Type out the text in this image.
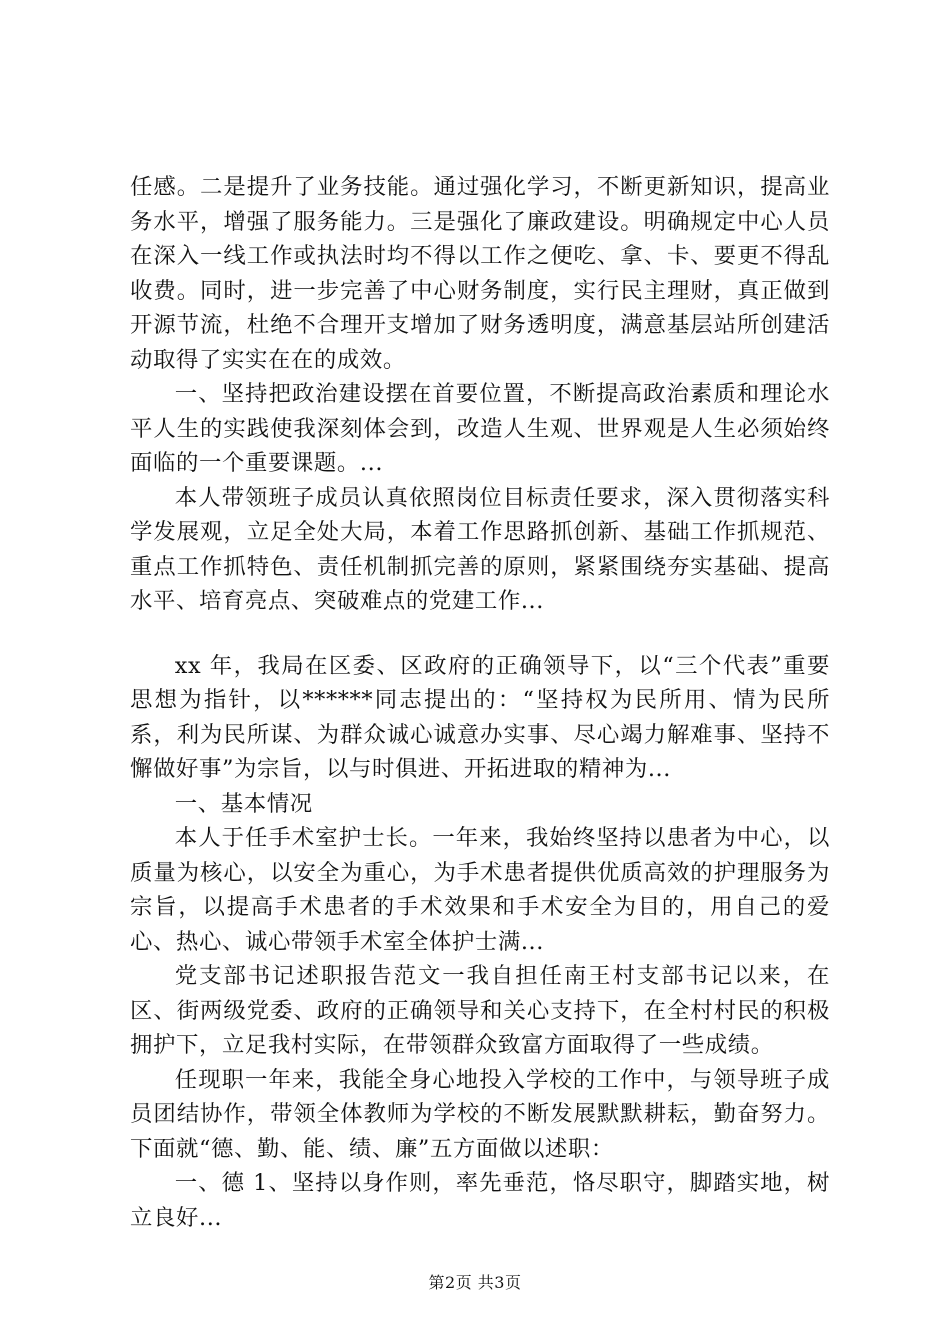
任感。二是提升了业务技能。通过强化学习，不断更新知识，提高业务水平，增强了服务能力。三是强化了廉政建设。明确规定中心人员在深入一线工作或执法时均不得以工作之便吃、拿、卡、要更不得乱收费。同时，进一步完善了中心财务制度，实行民主理财，真正做到开源节流，杜绝不合理开支增加了财务透明度，满意基层站所创建活动取得了实实在在的成效。

一、坚持把政治建设摆在首要位置，不断提高政治素质和理论水平人生的实践使我深刻体会到，改造人生观、世界观是人生必须始终面临的一个重要课题。...

本人带领班子成员认真依照岗位目标责任要求，深入贯彻落实科学发展观，立足全处大局，本着工作思路抓创新、基础工作抓规范、重点工作抓特色、责任机制抓完善的原则，紧紧围绕夯实基础、提高水平、培育亮点、突破难点的党建工作...

xx 年，我局在区委、区政府的正确领导下，以“三个代表”重要思想为指针，以******同志提出的：“坚持权为民所用、情为民所系，利为民所谋、为群众诚心诚意办实事、尽心竭力解难事、坚持不懈做好事”为宗旨，以与时俱进、开拓进取的精神为...

一、基本情况

本人于任手术室护士长。一年来，我始终坚持以患者为中心，以质量为核心，以安全为重心，为手术患者提供优质高效的护理服务为宗旨，以提高手术患者的手术效果和手术安全为目的，用自己的爱心、热心、诚心带领手术室全体护士满...

党支部书记述职报告范文一我自担任南王村支部书记以来，在区、街两级党委、政府的正确领导和关心支持下，在全村村民的积极拥护下，立足我村实际，在带领群众致富方面取得了一些成绩。

任现职一年来，我能全身心地投入学校的工作中，与领导班子成员团结协作，带领全体教师为学校的不断发展默默耕耘，勤奋努力。下面就“德、勤、能、绩、廉”五方面做以述职：

一、德 1、坚持以身作则，率先垂范，恪尽职守，脚踏实地，树立良好...

第2页 共3页
